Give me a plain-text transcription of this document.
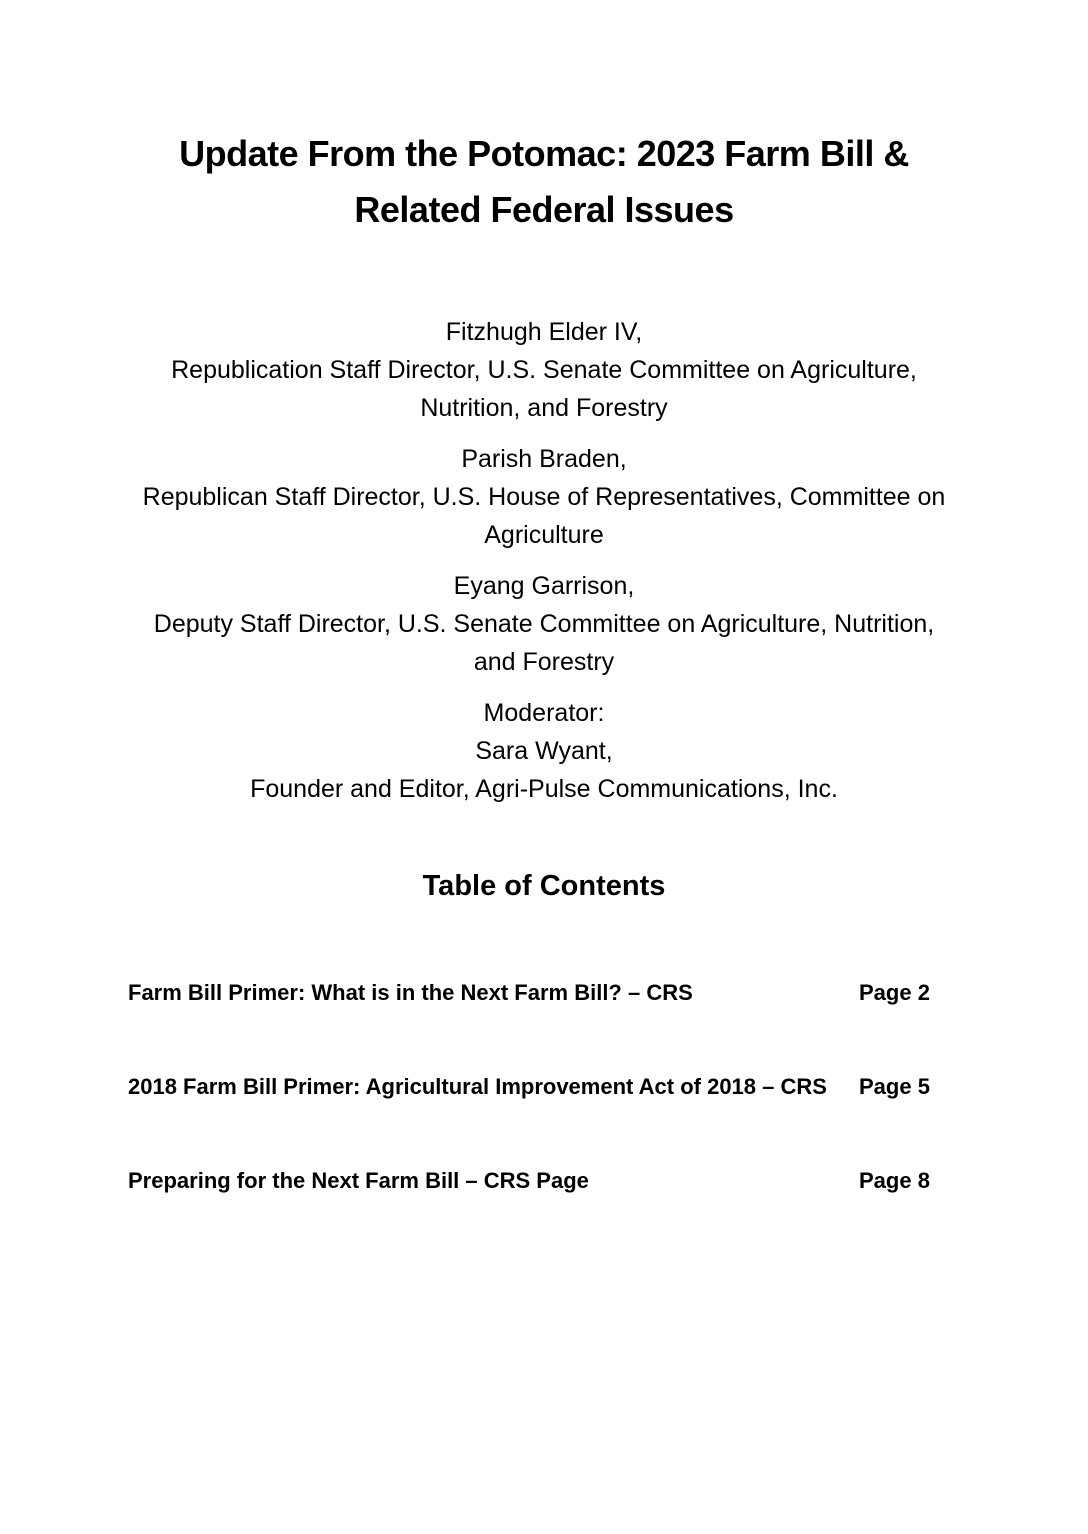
Update From the Potomac: 2023 Farm Bill &
Related Federal Issues
Fitzhugh Elder IV,
Republication Staff Director, U.S. Senate Committee on Agriculture,
Nutrition, and Forestry
Parish Braden,
Republican Staff Director, U.S. House of Representatives, Committee on
Agriculture
Eyang Garrison,
Deputy Staff Director, U.S. Senate Committee on Agriculture, Nutrition,
and Forestry
Moderator:
Sara Wyant,
Founder and Editor, Agri-Pulse Communications, Inc.
Table of Contents
Farm Bill Primer: What is in the Next Farm Bill? – CRS	Page 2
2018 Farm Bill Primer: Agricultural Improvement Act of 2018 – CRS	Page 5
Preparing for the Next Farm Bill – CRS Page	Page 8
